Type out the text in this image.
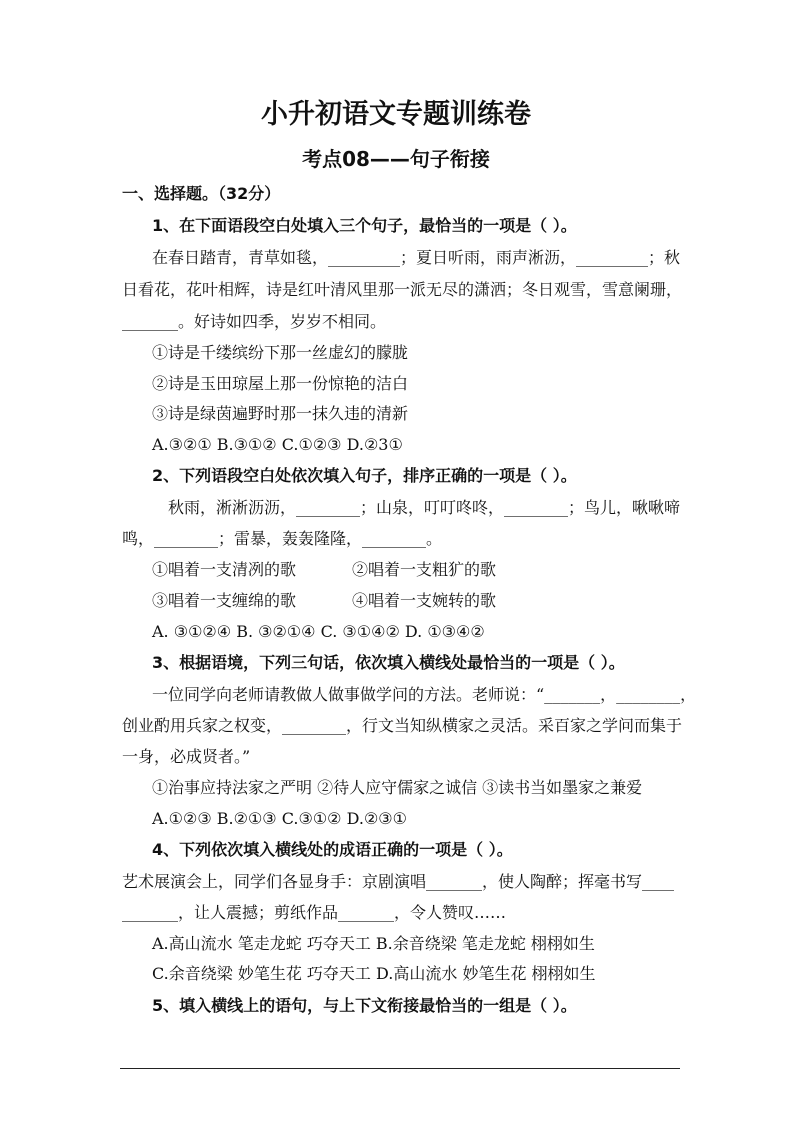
小升初语文专题训练卷
考点08——句子衔接
一、选择题。（32分）
1、在下面语段空白处填入三个句子，最恰当的一项是（ ）。
在春日踏青，青草如毯，_________；夏日听雨，雨声淅沥，_________；秋
日看花，花叶相辉，诗是红叶清风里那一派无尽的潇洒；冬日观雪，雪意阑珊，
_______。好诗如四季，岁岁不相同。
①诗是千缕缤纷下那一丝虚幻的朦胧
②诗是玉田琼屋上那一份惊艳的洁白
③诗是绿茵遍野时那一抹久违的清新
A.③②① B.③①② C.①②③ D.②3①
2、下列语段空白处依次填入句子，排序正确的一项是（ ）。
秋雨，淅淅沥沥，________；山泉，叮叮咚咚，________；鸟儿，啾啾啼
鸣，________；雷暴，轰轰隆隆，________。
①唱着一支清冽的歌	②唱着一支粗犷的歌
③唱着一支缠绵的歌	④唱着一支婉转的歌
A. ③①②④ B. ③②①④ C. ③①④② D. ①③④②
3、根据语境，下列三句话，依次填入横线处最恰当的一项是（ ）。
一位同学向老师请教做人做事做学问的方法。老师说：“_______，________，
创业酌用兵家之权变，________，行文当知纵横家之灵活。采百家之学问而集于
一身，必成贤者。”
①治事应持法家之严明 ②待人应守儒家之诚信 ③读书当如墨家之兼爱
A.①②③ B.②①③ C.③①② D.②③①
4、下列依次填入横线处的成语正确的一项是（ ）。
艺术展演会上，同学们各显身手：京剧演唱_______，使人陶醉；挥毫书写____
_______，让人震撼；剪纸作品_______，令人赞叹……
A.高山流水 笔走龙蛇 巧夺天工 B.余音绕梁 笔走龙蛇 栩栩如生
C.余音绕梁 妙笔生花 巧夺天工 D.高山流水 妙笔生花 栩栩如生
5、填入横线上的语句，与上下文衔接最恰当的一组是（ ）。
